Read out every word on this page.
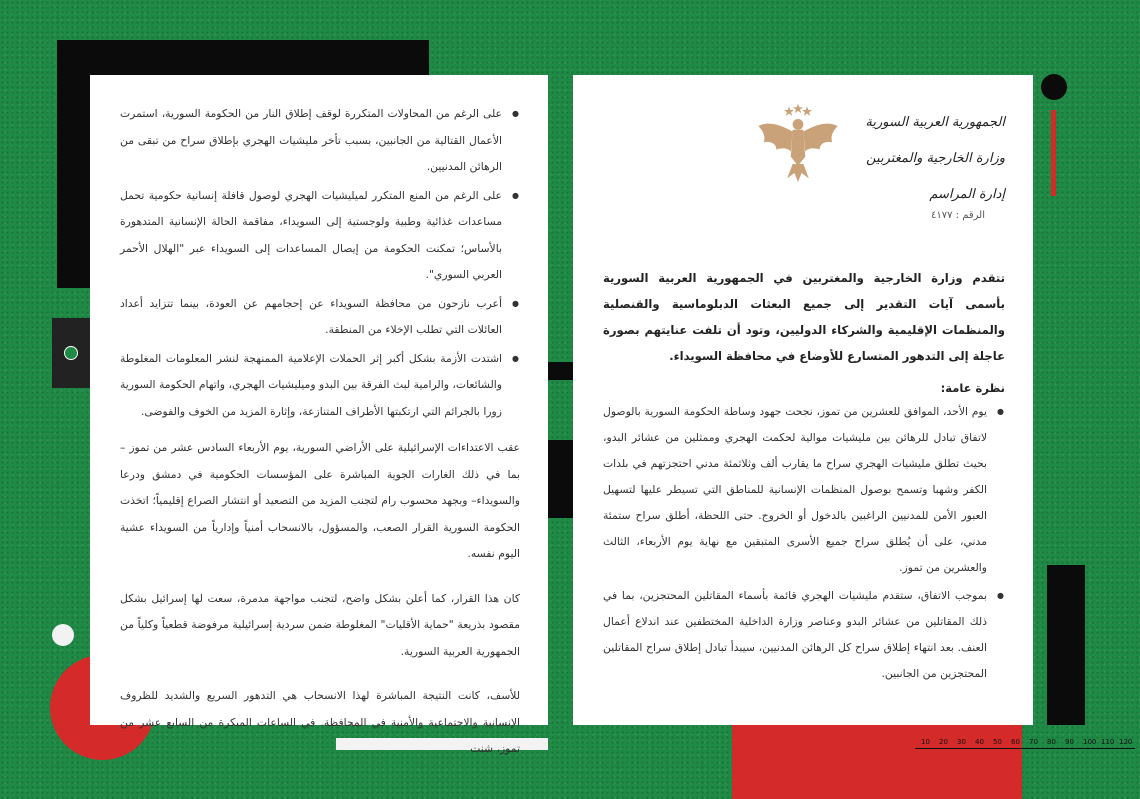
10 20 30 40 50 60 70 80 90 100 110 120
● على الرغم من المحاولات المتكررة لوقف إطلاق النار من الحكومة السورية، استمرت الأعمال القتالية من الجانبين، بسبب تأخر مليشيات الهجري بإطلاق سراح من تبقى من الرهائن المدنيين.
● على الرغم من المنع المتكرر لميليشيات الهجري لوصول قافلة إنسانية حكومية تحمل مساعدات غذائية وطبية ولوجستية إلى السويداء، مفاقمة الحالة الإنسانية المتدهورة بالأساس؛ تمكنت الحكومة من إيصال المساعدات إلى السويداء عبر "الهلال الأحمر العربي السوري".
● أعرب نازحون من محافظة السويداء عن إحجامهم عن العودة، بينما تتزايد أعداد العائلات التي تطلب الإخلاء من المنطقة.
● اشتدت الأزمة بشكل أكبر إثر الحملات الإعلامية الممنهجة لنشر المعلومات المغلوطة والشائعات، والرامية لبث الفرقة بين البدو وميليشيات الهجري، واتهام الحكومة السورية زورا بالجرائم التي ارتكبتها الأطراف المتنازعة، وإثارة المزيد من الخوف والفوضى.

عقب الاعتداءات الإسرائيلية على الأراضي السورية، يوم الأربعاء السادس عشر من تموز – بما في ذلك الغارات الجوية المباشرة على المؤسسات الحكومية في دمشق ودرعا والسويداء– وبجهد محسوب رام لتجنب المزيد من التصعيد أو انتشار الصراع إقليمياً؛ اتخذت الحكومة السورية القرار الصعب، والمسؤول، بالانسحاب أمنياً وإدارياً من السويداء عشية اليوم نفسه.

كان هذا القرار، كما أعلن بشكل واضح، لتجنب مواجهة مدمرة، سعت لها إسرائيل بشكل مقصود بذريعة "حماية الأقليات" المغلوطة ضمن سردية إسرائيلية مرفوضة قطعياً وكلياً من الجمهورية العربية السورية.

للأسف، كانت النتيجة المباشرة لهذا الانسحاب هي التدهور السريع والشديد للظروف الإنسانية والاجتماعية والأمنية في المحافظة. في الساعات المبكرة من السابع عشر من تموز، شنت

الجمهورية العربية السورية
وزارة الخارجية والمغتربين
إدارة المراسم
الرقم : ٤١٧٧
تتقدم وزارة الخارجية والمغتربين في الجمهورية العربية السورية بأسمى آيات التقدير إلى جميع البعثات الدبلوماسية والقنصلية والمنظمات الإقليمية والشركاء الدوليين، وتود أن تلفت عنايتهم بصورة عاجلة إلى التدهور المتسارع للأوضاع في محافظة السويداء.
نظرة عامة:
● يوم الأحد، الموافق للعشرين من تموز، نجحت جهود وساطة الحكومة السورية بالوصول لاتفاق تبادل للرهائن بين مليشيات موالية لحكمت الهجري وممثلين من عشائر البدو، بحيث تطلق مليشيات الهجري سراح ما يقارب ألف وثلاثمئة مدني احتجزتهم في بلدات الكفر وشهبا وتسمح بوصول المنظمات الإنسانية للمناطق التي تسيطر عليها لتسهيل العبور الأمن للمدنيين الراغبين بالدخول أو الخروج. حتى اللحظة، أطلق سراح ستمئة مدني، على أن يُطلق سراح جميع الأسرى المتبقين مع نهاية يوم الأربعاء، الثالث والعشرين من تموز.
● بموجب الاتفاق، ستقدم مليشيات الهجري قائمة بأسماء المقاتلين المحتجزين، بما في ذلك المقاتلين من عشائر البدو وعناصر وزارة الداخلية المختطفين عند اندلاع أعمال العنف. بعد انتهاء إطلاق سراح كل الرهائن المدنيين، سيبدأ تبادل إطلاق سراح المقاتلين المحتجزين من الجانبين.
